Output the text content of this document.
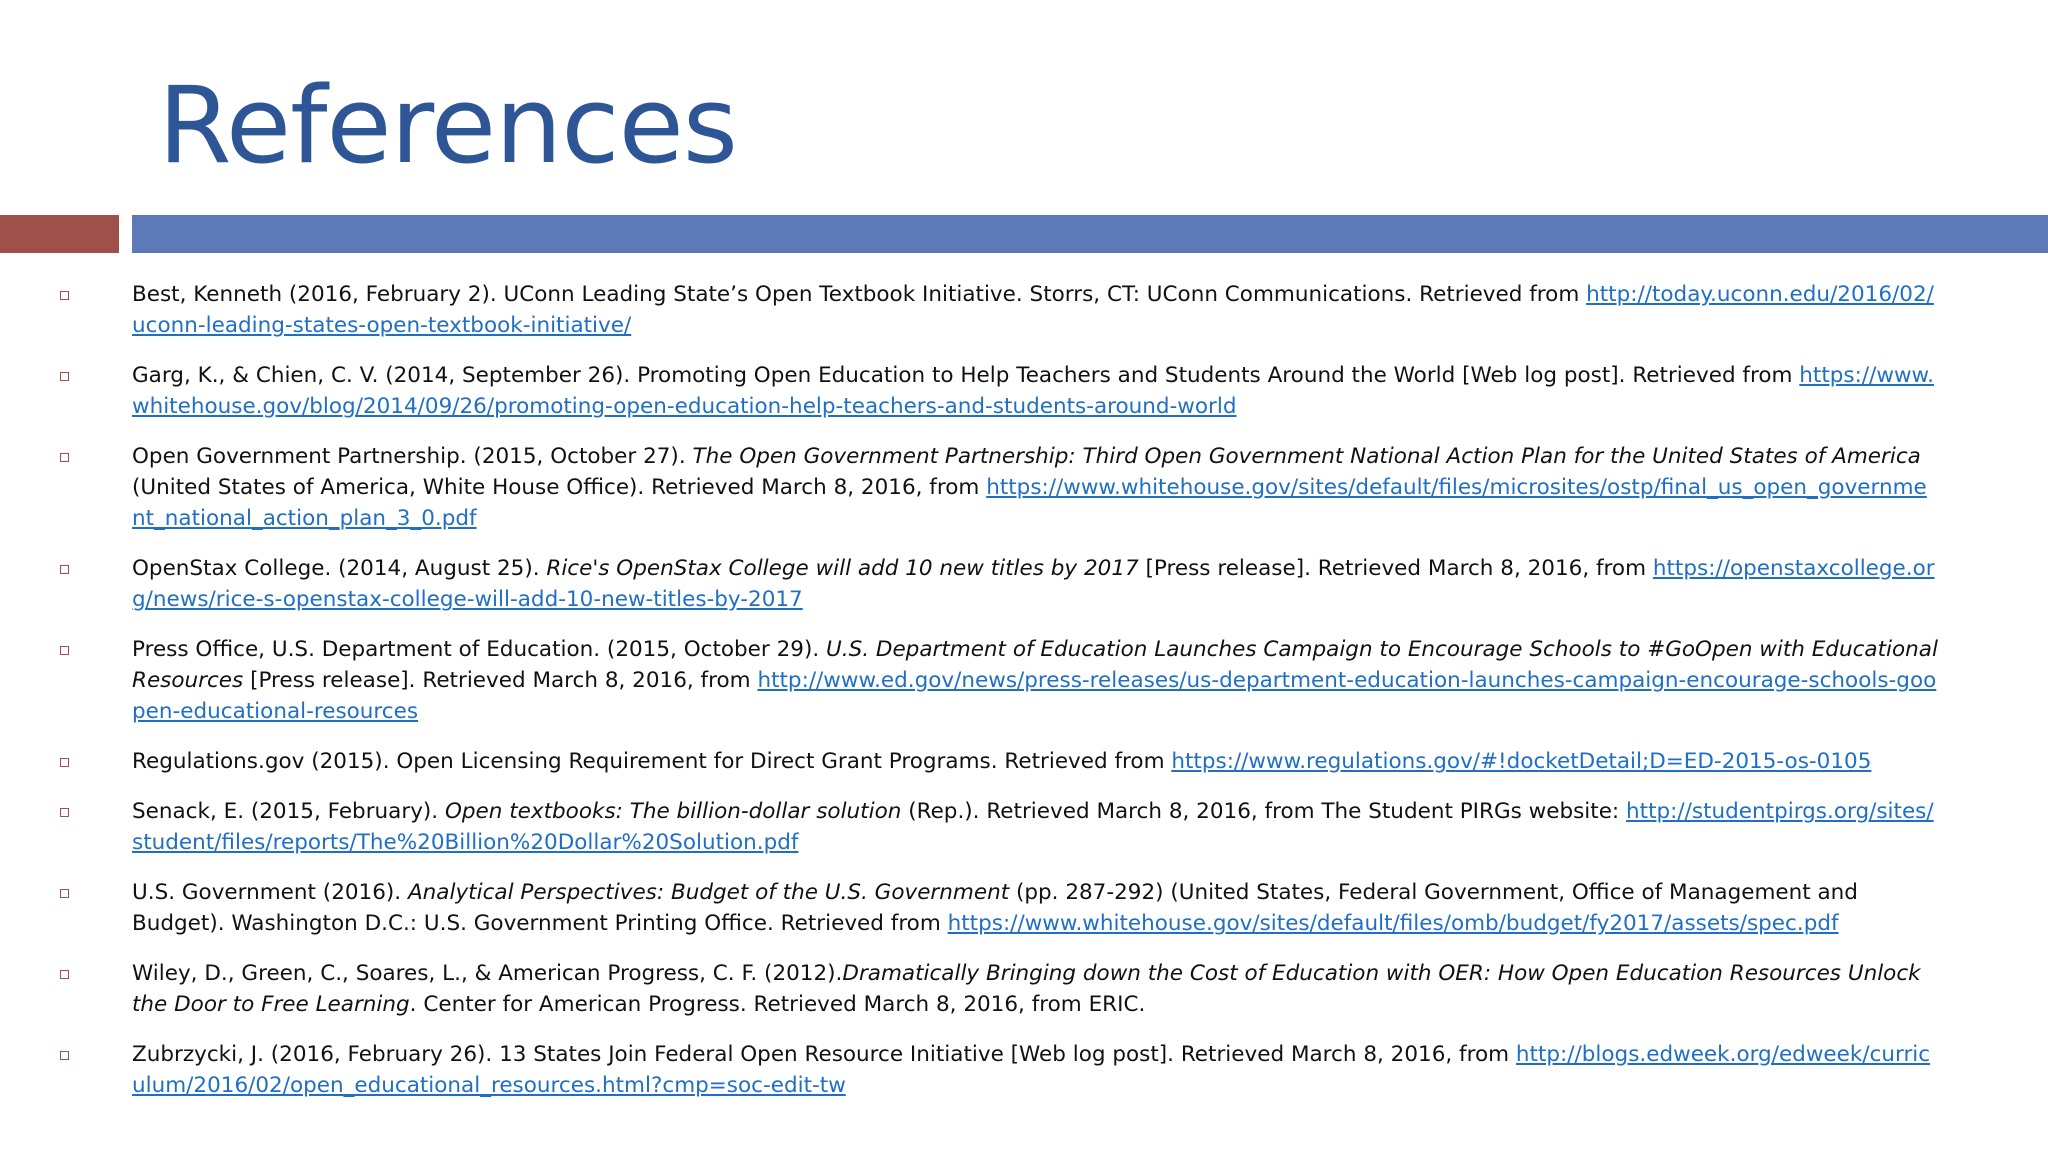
References
Best, Kenneth (2016, February 2). UConn Leading State’s Open Textbook Initiative. Storrs, CT: UConn Communications. Retrieved from http://today.uconn.edu/2016/02/uconn-leading-states-open-textbook-initiative/
Garg, K., & Chien, C. V. (2014, September 26). Promoting Open Education to Help Teachers and Students Around the World [Web log post]. Retrieved from https://www.whitehouse.gov/blog/2014/09/26/promoting-open-education-help-teachers-and-students-around-world
Open Government Partnership. (2015, October 27). The Open Government Partnership: Third Open Government National Action Plan for the United States of America (United States of America, White House Office). Retrieved March 8, 2016, from https://www.whitehouse.gov/sites/default/files/microsites/ostp/final_us_open_government_national_action_plan_3_0.pdf
OpenStax College. (2014, August 25). Rice's OpenStax College will add 10 new titles by 2017 [Press release]. Retrieved March 8, 2016, from https://openstaxcollege.org/news/rice-s-openstax-college-will-add-10-new-titles-by-2017
Press Office, U.S. Department of Education. (2015, October 29). U.S. Department of Education Launches Campaign to Encourage Schools to #GoOpen with Educational Resources [Press release]. Retrieved March 8, 2016, from http://www.ed.gov/news/press-releases/us-department-education-launches-campaign-encourage-schools-goopen-educational-resources
Regulations.gov (2015). Open Licensing Requirement for Direct Grant Programs. Retrieved from https://www.regulations.gov/#!docketDetail;D=ED-2015-os-0105
Senack, E. (2015, February). Open textbooks: The billion-dollar solution (Rep.). Retrieved March 8, 2016, from The Student PIRGs website: http://studentpirgs.org/sites/student/files/reports/The%20Billion%20Dollar%20Solution.pdf
U.S. Government (2016). Analytical Perspectives: Budget of the U.S. Government (pp. 287-292) (United States, Federal Government, Office of Management and Budget). Washington D.C.: U.S. Government Printing Office. Retrieved from https://www.whitehouse.gov/sites/default/files/omb/budget/fy2017/assets/spec.pdf
Wiley, D., Green, C., Soares, L., & American Progress, C. F. (2012).Dramatically Bringing down the Cost of Education with OER: How Open Education Resources Unlock the Door to Free Learning. Center for American Progress. Retrieved March 8, 2016, from ERIC.
Zubrzycki, J. (2016, February 26). 13 States Join Federal Open Resource Initiative [Web log post]. Retrieved March 8, 2016, from http://blogs.edweek.org/edweek/curriculum/2016/02/open_educational_resources.html?cmp=soc-edit-tw
